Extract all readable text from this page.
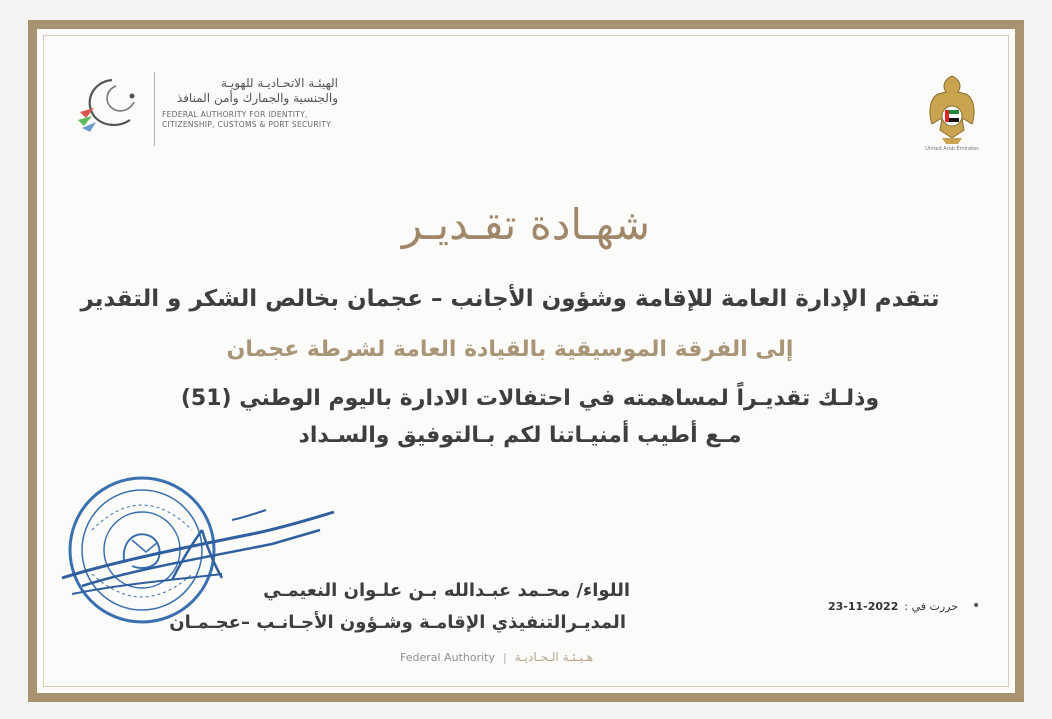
الهيئـة الاتحـاديـة للهويـة
والجنسية والجمارك وأمن المنافذ
FEDERAL AUTHORITY FOR IDENTITY,
CITIZENSHIP, CUSTOMS & PORT SECURITY
United Arab Emirates
شهـادة تقـديـر
تتقدم الإدارة العامة للإقامة وشؤون الأجانب – عجمان بخالص الشكر و التقدير
إلى الفرقة الموسيقية بالقيادة العامة لشرطة عجمان
وذلـك تقديـراً لمساهمته في احتفالات الادارة باليوم الوطني (51)
مـع أطيب أمنيـاتنا لكم بـالتوفيق والسـداد
اللواء/ محـمد عبـدالله بـن علـوان النعيمـي
المديـرالتنفيذي الإقامـة وشـؤون الأجـانـب –عجـمـان
23-11-2022 حررت في : •
Federal Authority | هـيـئـة الـحـاديـة
